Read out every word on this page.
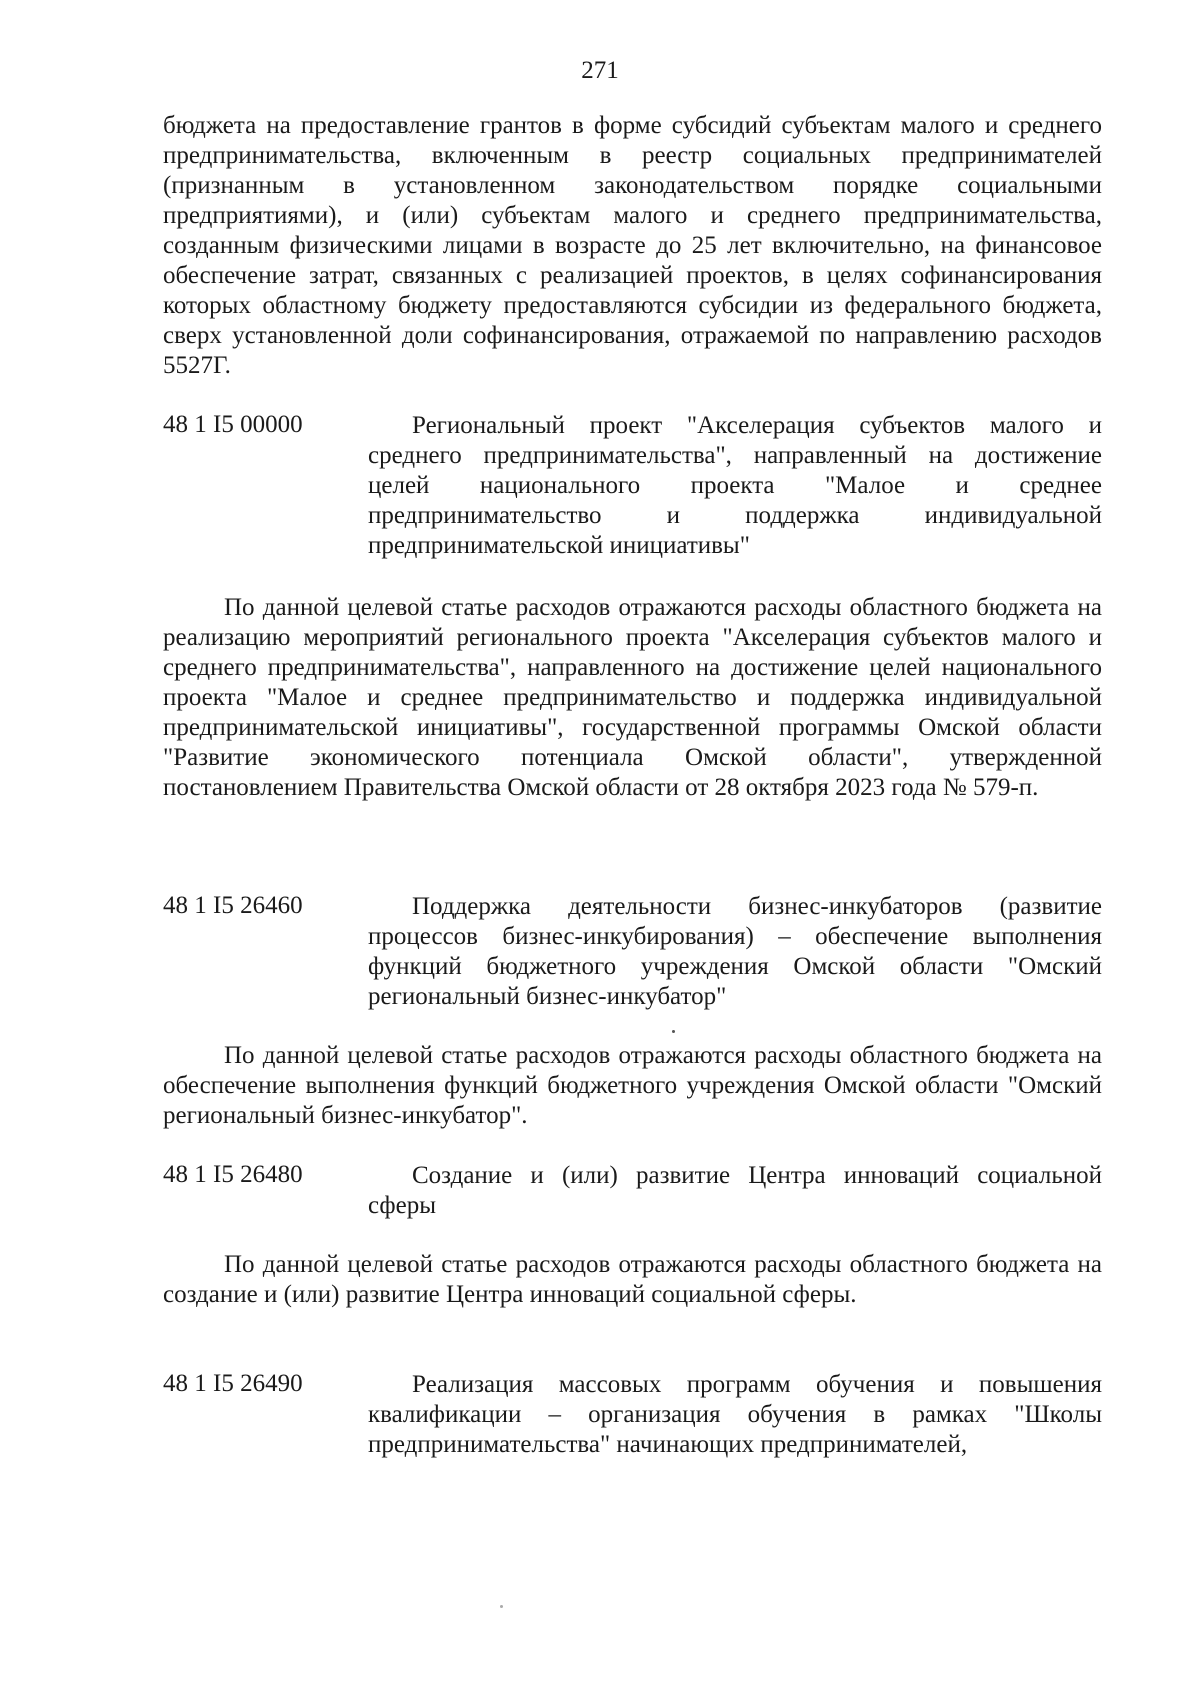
271
бюджета на предоставление грантов в форме субсидий субъектам малого и среднего предпринимательства, включенным в реестр социальных предпринимателей (признанным в установленном законодательством порядке социальными предприятиями), и (или) субъектам малого и среднего предпринимательства, созданным физическими лицами в возрасте до 25 лет включительно, на финансовое обеспечение затрат, связанных с реализацией проектов, в целях софинансирования которых областному бюджету предоставляются субсидии из федерального бюджета, сверх установленной доли софинансирования, отражаемой по направлению расходов 5527Г.
48 1 I5 00000	Региональный проект "Акселерация субъектов малого и среднего предпринимательства", направленный на достижение целей национального проекта "Малое и среднее предпринимательство и поддержка индивидуальной предпринимательской инициативы"
По данной целевой статье расходов отражаются расходы областного бюджета на реализацию мероприятий регионального проекта "Акселерация субъектов малого и среднего предпринимательства", направленного на достижение целей национального проекта "Малое и среднее предпринимательство и поддержка индивидуальной предпринимательской инициативы", государственной программы Омской области "Развитие экономического потенциала Омской области", утвержденной постановлением Правительства Омской области от 28 октября 2023 года № 579-п.
48 1 I5 26460	Поддержка деятельности бизнес-инкубаторов (развитие процессов бизнес-инкубирования) – обеспечение выполнения функций бюджетного учреждения Омской области "Омский региональный бизнес-инкубатор"
По данной целевой статье расходов отражаются расходы областного бюджета на обеспечение выполнения функций бюджетного учреждения Омской области "Омский региональный бизнес-инкубатор".
48 1 I5 26480	Создание и (или) развитие Центра инноваций социальной сферы
По данной целевой статье расходов отражаются расходы областного бюджета на создание и (или) развитие Центра инноваций социальной сферы.
48 1 I5 26490	Реализация массовых программ обучения и повышения квалификации – организация обучения в рамках "Школы предпринимательства" начинающих предпринимателей,
